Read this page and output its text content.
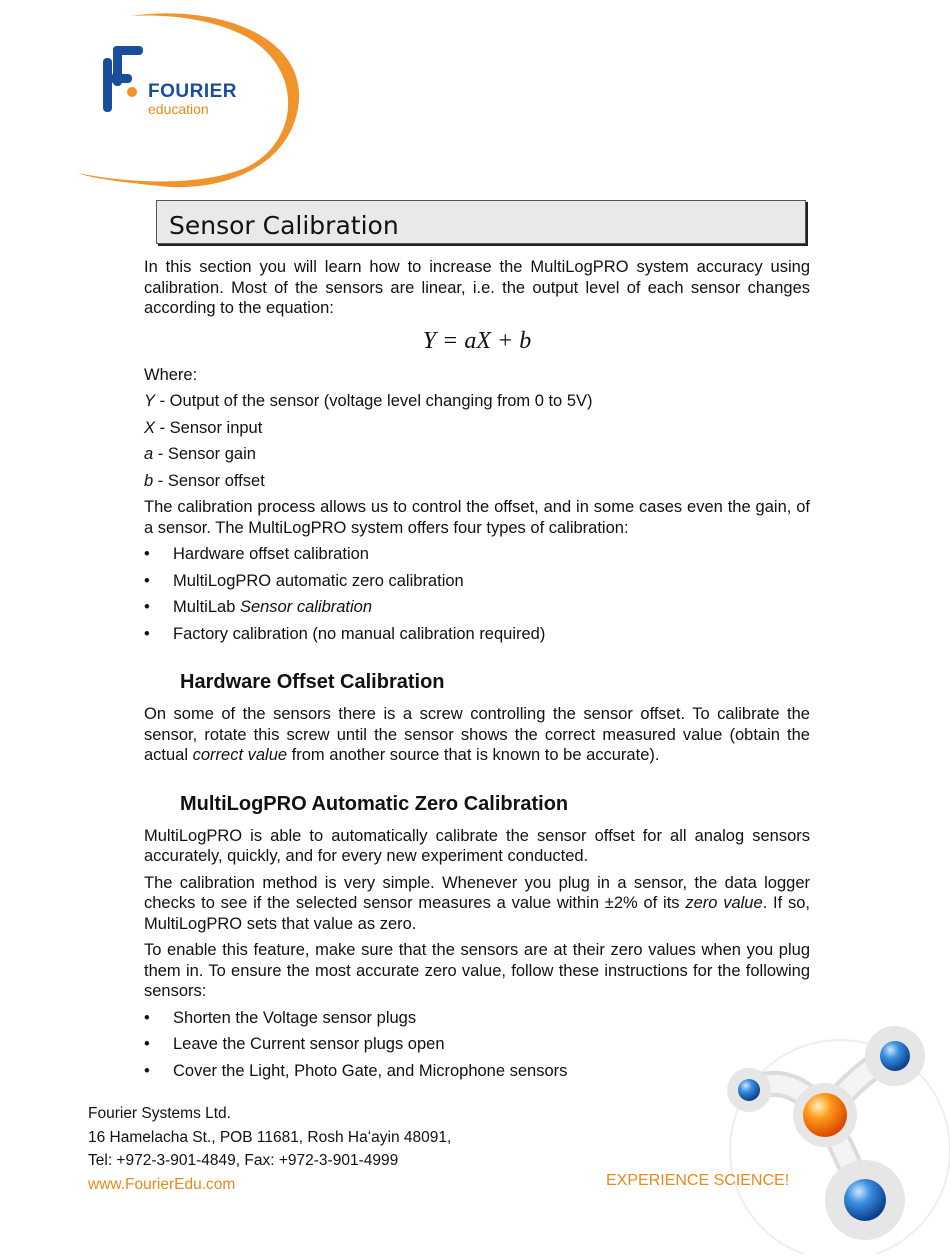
FOURIER
education
Sensor Calibration

In this section you will learn how to increase the MultiLogPRO system accuracy using calibration. Most of the sensors are linear, i.e. the output level of each sensor changes according to the equation:

Y = aX + b

Where:

Y - Output of the sensor (voltage level changing from 0 to 5V)

X - Sensor input

a - Sensor gain

b - Sensor offset

The calibration process allows us to control the offset, and in some cases even the gain, of a sensor. The MultiLogPRO system offers four types of calibration:

• Hardware offset calibration
• MultiLogPRO automatic zero calibration
• MultiLab Sensor calibration
• Factory calibration (no manual calibration required)
Hardware Offset Calibration

On some of the sensors there is a screw controlling the sensor offset. To calibrate the sensor, rotate this screw until the sensor shows the correct measured value (obtain the actual correct value from another source that is known to be accurate).

MultiLogPRO Automatic Zero Calibration

MultiLogPRO is able to automatically calibrate the sensor offset for all analog sensors accurately, quickly, and for every new experiment conducted.

The calibration method is very simple. Whenever you plug in a sensor, the data logger checks to see if the selected sensor measures a value within ±2% of its zero value. If so, MultiLogPRO sets that value as zero.

To enable this feature, make sure that the sensors are at their zero values when you plug them in. To ensure the most accurate zero value, follow these instructions for the following sensors:

• Shorten the Voltage sensor plugs
• Leave the Current sensor plugs open
• Cover the Light, Photo Gate, and Microphone sensors
Fourier Systems Ltd.
16 Hamelacha St., POB 11681, Rosh Haʻayin 48091,
Tel: +972-3-901-4849, Fax: +972-3-901-4999
www.FourierEdu.com	EXPERIENCE SCIENCE!
